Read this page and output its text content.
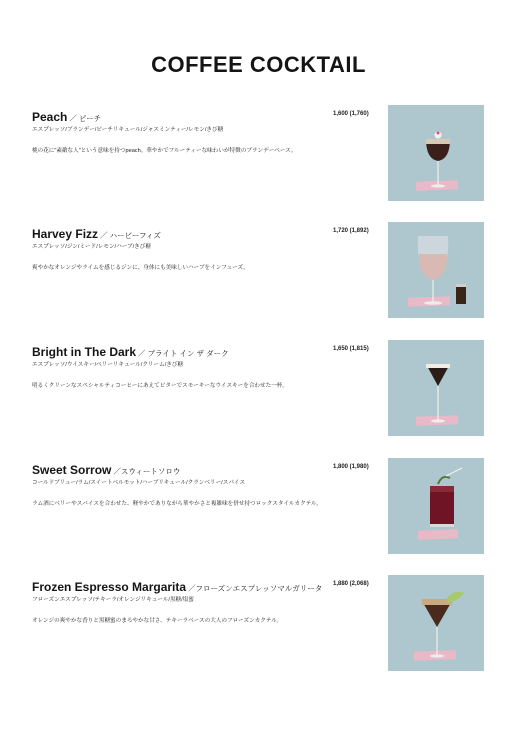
COFFEE COCKTAIL
Peach ／ ピーチ	1,600 (1,760)
エスプレッソ/ブランデー/ピーチリキュール/ジャスミンティー/レモン/きび糖
桃の花に"素敵な人"という意味を持つpeach。華やかでフルーティーな味わいが特徴のブランデーベース。
Harvey Fizz ／ ハービーフィズ	1,720 (1,892)
エスプレッソ/ジン/ミード/レモン/ハーブ/きび糖
爽やかなオレンジやライムを感じるジンに、身体にも美味しいハーブをインフューズ。
Bright in The Dark ／ ブライト イン ザ ダーク	1,650 (1,815)
エスプレッソ/ウイスキー/ベリーリキュール/クリーム/きび糖
明るくクリーンなスペシャルティコーヒーにあえてビターでスモーキーなウイスキーを合わせた一杯。
Sweet Sorrow ／スウィートソロウ	1,800 (1,980)
コールドブリュー/ラム/スイートベルモット/ハーブリキュール/クランベリー/スパイス
ラム酒にベリーやスパイスを合わせた、軽やかでありながら華やかさと複雑味を併せ持つロックスタイルカクテル。
Frozen Espresso Margarita ／フローズンエスプレッソマルガリータ 1,880 (2,068)
フローズンエスプレッソ/テキーラ/オレンジリキュール/黒糖/塩蜜
オレンジの爽やかな香りと黒糖蜜のまろやかな甘さ、テキーラベースの大人のフローズンカクテル。
